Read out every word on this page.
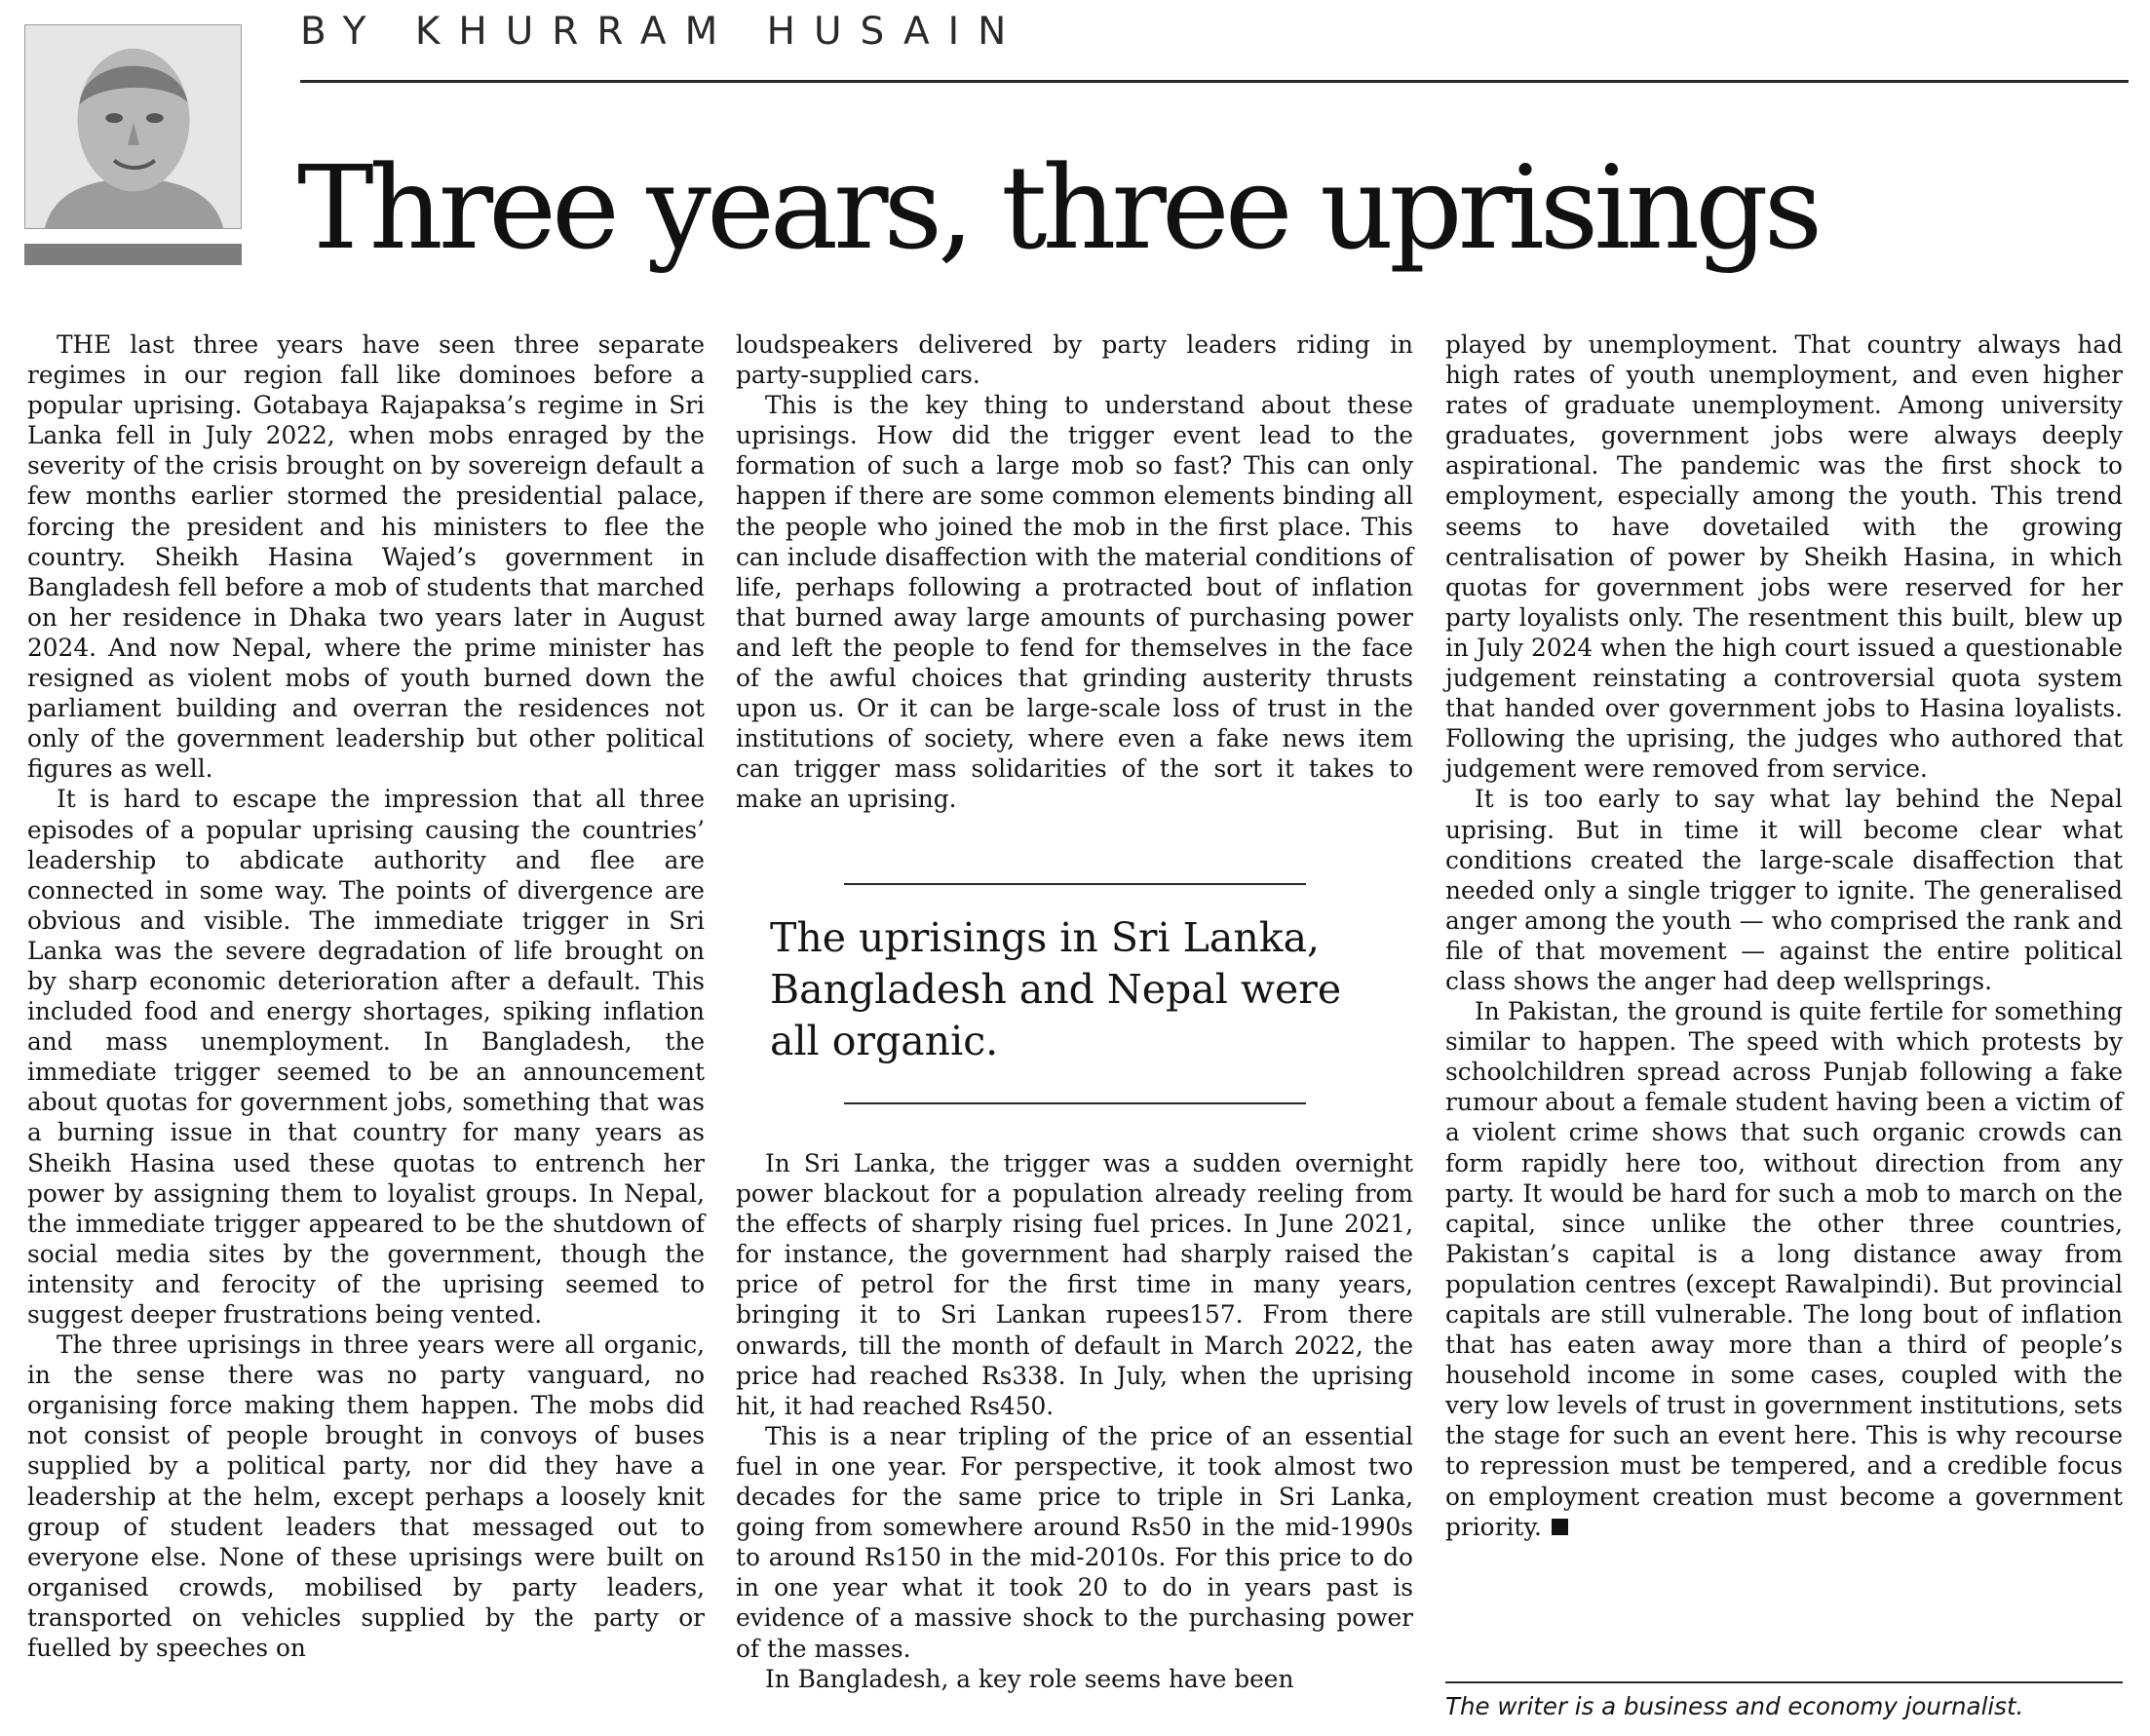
BY KHURRAM HUSAIN
Three years, three uprisings

THE last three years have seen three separate regimes in our region fall like dominoes before a popular uprising. Gotabaya Rajapaksa’s regime in Sri Lanka fell in July 2022, when mobs enraged by the severity of the crisis brought on by sovereign default a few months earlier stormed the presidential palace, forcing the president and his ministers to flee the country. Sheikh Hasina Wajed’s government in Bangladesh fell before a mob of students that marched on her residence in Dhaka two years later in August 2024. And now Nepal, where the prime minister has resigned as violent mobs of youth burned down the parliament building and overran the residences not only of the government leadership but other political figures as well.

It is hard to escape the impression that all three episodes of a popular uprising causing the countries’ leadership to abdicate authority and flee are connected in some way. The points of divergence are obvious and visible. The immediate trigger in Sri Lanka was the severe degradation of life brought on by sharp economic deterioration after a default. This included food and energy shortages, spiking inflation and mass unemployment. In Bangladesh, the immediate trigger seemed to be an announcement about quotas for government jobs, something that was a burning issue in that country for many years as Sheikh Hasina used these quotas to entrench her power by assigning them to loyalist groups. In Nepal, the immediate trigger appeared to be the shutdown of social media sites by the government, though the intensity and ferocity of the uprising seemed to suggest deeper frustrations being vented.

The three uprisings in three years were all organic, in the sense there was no party vanguard, no organising force making them happen. The mobs did not consist of people brought in convoys of buses supplied by a political party, nor did they have a leadership at the helm, except perhaps a loosely knit group of student leaders that messaged out to everyone else. None of these uprisings were built on organised crowds, mobilised by party leaders, transported on vehicles supplied by the party or fuelled by speeches on

loudspeakers delivered by party leaders riding in party-supplied cars.

This is the key thing to understand about these uprisings. How did the trigger event lead to the formation of such a large mob so fast? This can only happen if there are some common elements binding all the people who joined the mob in the first place. This can include disaffection with the material conditions of life, perhaps following a protracted bout of inflation that burned away large amounts of purchasing power and left the people to fend for themselves in the face of the awful choices that grinding austerity thrusts upon us. Or it can be large-scale loss of trust in the institutions of society, where even a fake news item can trigger mass solidarities of the sort it takes to make an uprising.

The uprisings in Sri Lanka, Bangladesh and Nepal were all organic.

In Sri Lanka, the trigger was a sudden overnight power blackout for a population already reeling from the effects of sharply rising fuel prices. In June 2021, for instance, the government had sharply raised the price of petrol for the first time in many years, bringing it to Sri Lankan rupees157. From there onwards, till the month of default in March 2022, the price had reached Rs338. In July, when the uprising hit, it had reached Rs450.

This is a near tripling of the price of an essential fuel in one year. For perspective, it took almost two decades for the same price to triple in Sri Lanka, going from somewhere around Rs50 in the mid-1990s to around Rs150 in the mid-2010s. For this price to do in one year what it took 20 to do in years past is evidence of a massive shock to the purchasing power of the masses.

In Bangladesh, a key role seems have been

played by unemployment. That country always had high rates of youth unemployment, and even higher rates of graduate unemployment. Among university graduates, government jobs were always deeply aspirational. The pandemic was the first shock to employment, especially among the youth. This trend seems to have dovetailed with the growing centralisation of power by Sheikh Hasina, in which quotas for government jobs were reserved for her party loyalists only. The resentment this built, blew up in July 2024 when the high court issued a questionable judgement reinstating a controversial quota system that handed over government jobs to Hasina loyalists. Following the uprising, the judges who authored that judgement were removed from service.

It is too early to say what lay behind the Nepal uprising. But in time it will become clear what conditions created the large-scale disaffection that needed only a single trigger to ignite. The generalised anger among the youth — who comprised the rank and file of that movement — against the entire political class shows the anger had deep wellsprings.

In Pakistan, the ground is quite fertile for something similar to happen. The speed with which protests by schoolchildren spread across Punjab following a fake rumour about a female student having been a victim of a violent crime shows that such organic crowds can form rapidly here too, without direction from any party. It would be hard for such a mob to march on the capital, since unlike the other three countries, Pakistan’s capital is a long distance away from population centres (except Rawalpindi). But provincial capitals are still vulnerable. The long bout of inflation that has eaten away more than a third of people’s household income in some cases, coupled with the very low levels of trust in government institutions, sets the stage for such an event here. This is why recourse to repression must be tempered, and a credible focus on employment creation must become a government priority.

The writer is a business and economy journalist.
